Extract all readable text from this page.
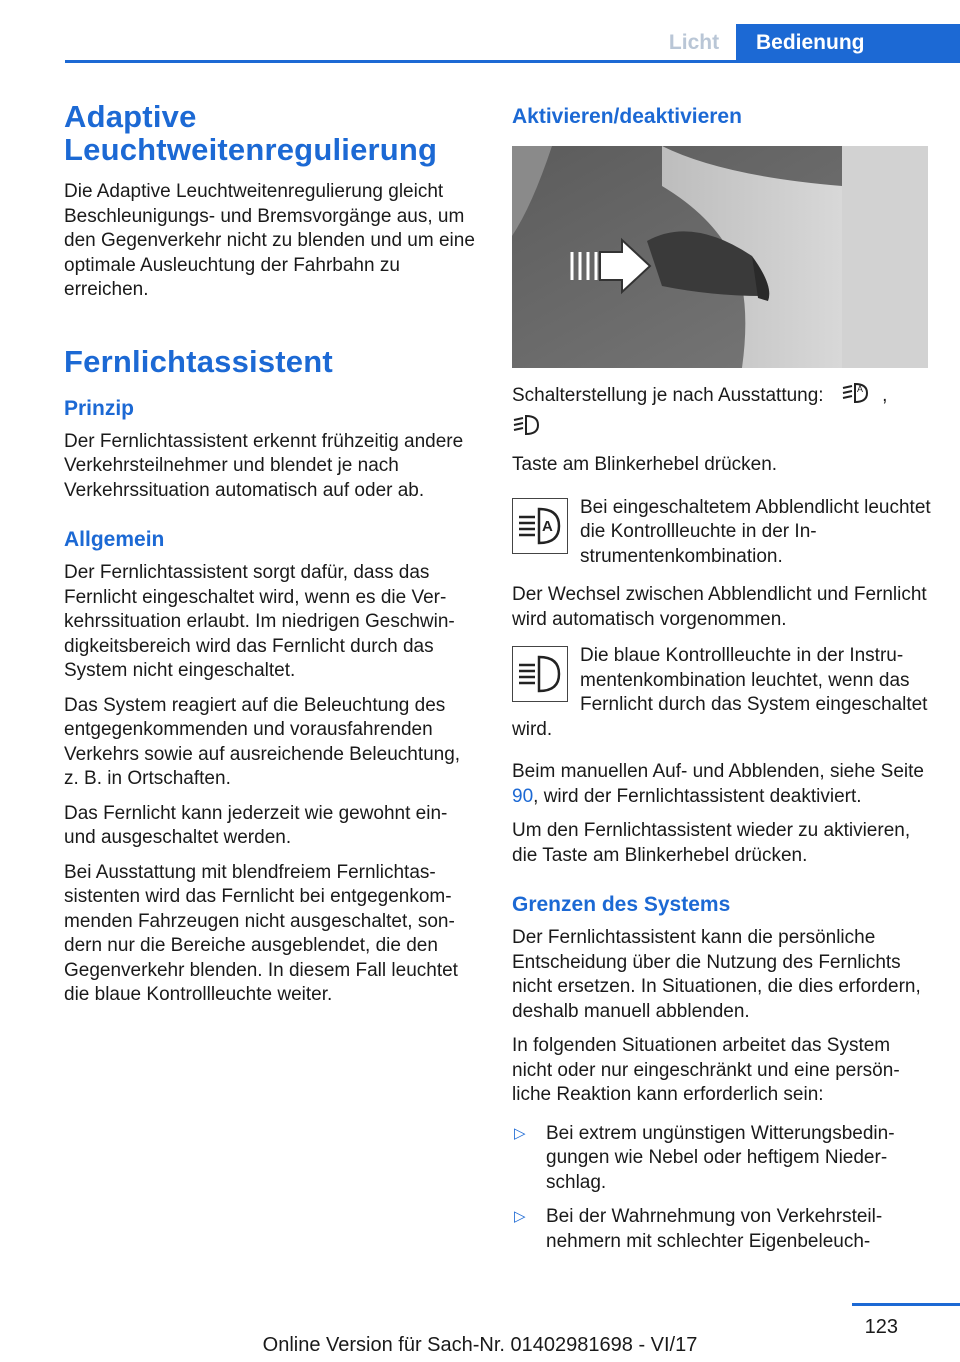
Licht	Bedienung
Adaptive Leuchtweitenregulierung

Die Adaptive Leuchtweitenregulierung gleicht Beschleunigungs- und Bremsvorgänge aus, um den Gegenverkehr nicht zu blenden und um eine optimale Ausleuchtung der Fahrbahn zu erreichen.

Fernlichtassistent
Prinzip

Der Fernlichtassistent erkennt frühzeitig andere Verkehrsteilnehmer und blendet je nach Verkehrssituation automatisch auf oder ab.

Allgemein

Der Fernlichtassistent sorgt dafür, dass das Fernlicht eingeschaltet wird, wenn es die Verkehrssituation erlaubt. Im niedrigen Geschwindigkeitsbereich wird das Fernlicht durch das System nicht eingeschaltet.

Das System reagiert auf die Beleuchtung des entgegenkommenden und vorausfahrenden Verkehrs sowie auf ausreichende Beleuchtung, z. B. in Ortschaften.

Das Fernlicht kann jederzeit wie gewohnt ein- und ausgeschaltet werden.

Bei Ausstattung mit blendfreiem Fernlichtassistenten wird das Fernlicht bei entgegenkommenden Fahrzeugen nicht ausgeschaltet, sondern nur die Bereiche ausgeblendet, die den Gegenverkehr blenden. In diesem Fall leuchtet die blaue Kontrollleuchte weiter.

Aktivieren/deaktivieren

Schalterstellung je nach Ausstattung:	A ,

Taste am Blinkerhebel drücken.

A

Bei eingeschaltetem Abblendlicht leuchtet die Kontrollleuchte in der Instrumentenkombination.

Der Wechsel zwischen Abblendlicht und Fernlicht wird automatisch vorgenommen.

Die blaue Kontrollleuchte in der Instrumentenkombination leuchtet, wenn das Fernlicht durch das System eingeschaltet wird.

Beim manuellen Auf- und Abblenden, siehe Seite 90, wird der Fernlichtassistent deaktiviert.

Um den Fernlichtassistent wieder zu aktivieren, die Taste am Blinkerhebel drücken.

Grenzen des Systems

Der Fernlichtassistent kann die persönliche Entscheidung über die Nutzung des Fernlichts nicht ersetzen. In Situationen, die dies erfordern, deshalb manuell abblenden.

In folgenden Situationen arbeitet das System nicht oder nur eingeschränkt und eine persönliche Reaktion kann erforderlich sein:

▷ Bei extrem ungünstigen Witterungsbedingungen wie Nebel oder heftigem Niederschlag.
▷ Bei der Wahrnehmung von Verkehrsteilnehmern mit schlechter Eigenbeleuch-
123
Online Version für Sach-Nr. 01402981698 - VI/17
